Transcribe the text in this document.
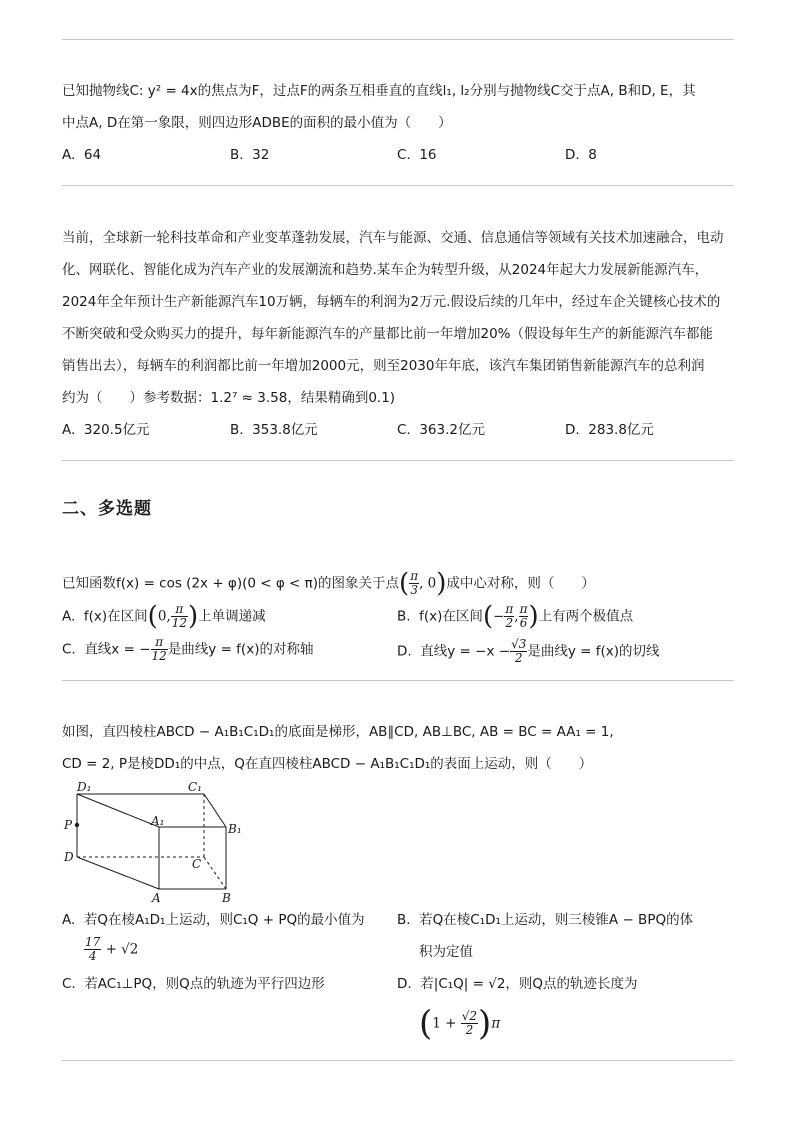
已知抛物线C: y² = 4x的焦点为F，过点F的两条互相垂直的直线l₁, l₂分别与抛物线C交于点A, B和D, E，其
中点A, D在第一象限，则四边形ADBE的面积的最小值为（　　）
A. 64	B. 32	C. 16	D. 8
当前，全球新一轮科技革命和产业变革蓬勃发展，汽车与能源、交通、信息通信等领域有关技术加速融合，电动
化、网联化、智能化成为汽车产业的发展潮流和趋势.某车企为转型升级，从2024年起大力发展新能源汽车，
2024年全年预计生产新能源汽车10万辆，每辆车的利润为2万元.假设后续的几年中，经过车企关键核心技术的
不断突破和受众购买力的提升，每年新能源汽车的产量都比前一年增加20%（假设每年生产的新能源汽车都能
销售出去），每辆车的利润都比前一年增加2000元，则至2030年年底，该汽车集团销售新能源汽车的总利润
约为（　　）参考数据：1.2⁷ ≈ 3.58，结果精确到0.1)
A. 320.5亿元	B. 353.8亿元	C. 363.2亿元	D. 283.8亿元
二、多选题
已知函数f(x) = cos (2x + φ)(0 < φ < π)的图象关于点( $\frac{\pi}{3}$ , 0)成中心对称，则（　　）
A. f(x)在区间(0, $\frac{\pi}{12}$ )上单调递减	B. f(x)在区间(− $\frac{\pi}{2}$ , $\frac{\pi}{6}$ )上有两个极值点
C. 直线x = − $\frac{\pi}{12}$ 是曲线y = f(x)的对称轴	D. 直线$y = -x - \frac{√3}{2}$ 是曲线y = f(x)的切线
如图，直四棱柱ABCD − A₁B₁C₁D₁的底面是梯形，AB∥CD, AB⊥BC, AB = BC = AA₁ = 1,
CD = 2, P是棱DD₁的中点，Q在直四棱柱ABCD − A₁B₁C₁D₁的表面上运动，则（　　）
D₁	C₁
A₁
B₁
P
D	C
A	B
A. 若Q在棱A₁D₁上运动，则C₁Q + PQ的最小值为
$\frac{17}{4} + √2$
B. 若Q在棱C₁D₁上运动，则三棱锥A − BPQ的体
积为定值
C. 若AC₁⊥PQ，则Q点的轨迹为平行四边形	D. 若|C₁Q| = √2，则Q点的轨迹长度为
$(1 + \frac{√2}{2} )\pi$
